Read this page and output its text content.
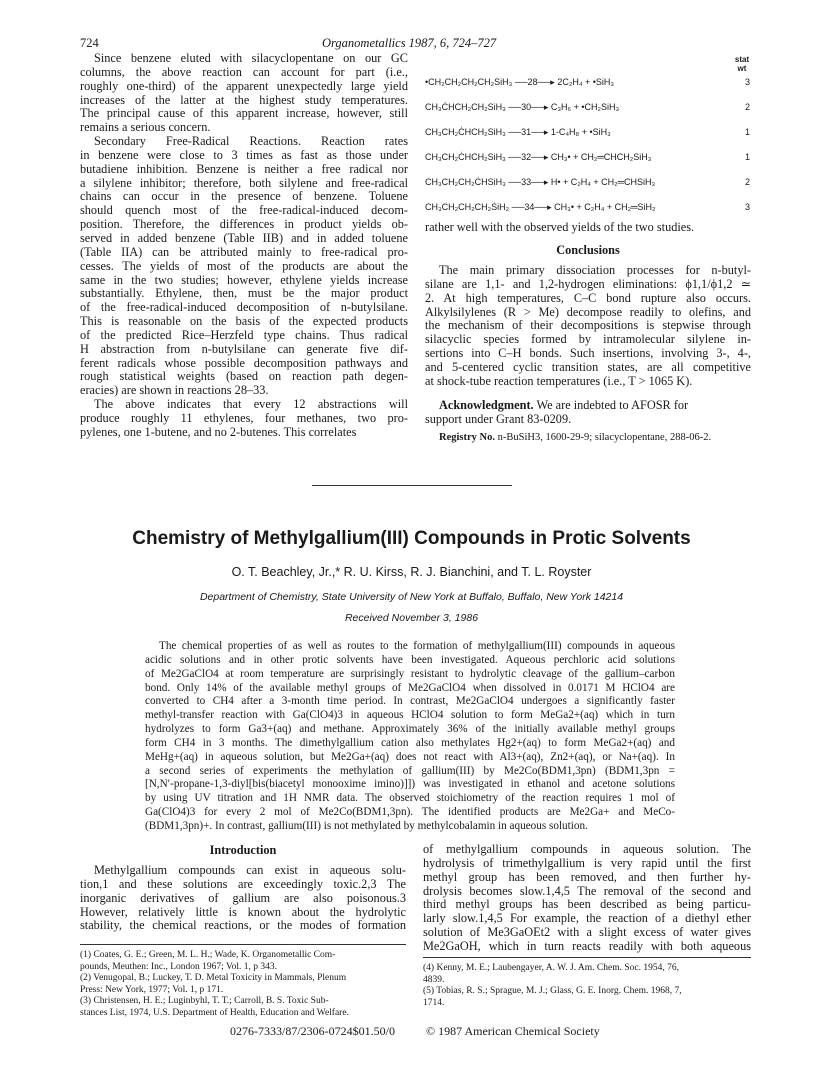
724	Organometallics 1987, 6, 724–727
Since benzene eluted with silacyclopentane on our GC
columns, the above reaction can account for part (i.e.,
roughly one-third) of the apparent unexpectedly large yield
increases of the latter at the highest study temperatures.
The principal cause of this apparent increase, however, still
remains a serious concern.
Secondary Free-Radical Reactions. Reaction rates
in benzene were close to 3 times as fast as those under
butadiene inhibition. Benzene is neither a free radical nor
a silylene inhibitor; therefore, both silylene and free-radical
chains can occur in the presence of benzene. Toluene
should quench most of the free-radical-induced decom-
position. Therefore, the differences in product yields ob-
served in added benzene (Table IIB) and in added toluene
(Table IIA) can be attributed mainly to free-radical pro-
cesses. The yields of most of the products are about the
same in the two studies; however, ethylene yields increase
substantially. Ethylene, then, must be the major product
of the free-radical-induced decomposition of n-butylsilane.
This is reasonable on the basis of the expected products
of the predicted Rice–Herzfeld type chains. Thus radical
H abstraction from n-butylsilane can generate five dif-
ferent radicals whose possible decomposition pathways and
rough statistical weights (based on reaction path degen-
eracies) are shown in reactions 28–33.
The above indicates that every 12 abstractions will
produce roughly 11 ethylenes, four methanes, two pro-
pylenes, one 1-butene, and no 2-butenes. This correlates
stat wt
•CH₂CH₂CH₂CH₂SiH₃ ──28──▸ 2C₂H₄ + •SiH₃	3
CH₃ĊHCH₂CH₂SiH₃ ──30──▸ C₃H₆ + •CH₂SiH₃	2
CH₃CH₂ĊHCH₂SiH₃ ──31──▸ 1-C₄H₈ + •SiH₃	1
CH₃CH₂ĊHCH₂SiH₃ ──32──▸ CH₃• + CH₂═CHCH₂SiH₃	1
CH₃CH₂CH₂ĊHSiH₃ ──33──▸ H• + C₂H₄ + CH₂═CHSiH₃	2
CH₃CH₂CH₂CH₂ṠiH₂ ──34──▸ CH₃• + C₂H₄ + CH₂═SiH₂	3
rather well with the observed yields of the two studies.
Conclusions
The main primary dissociation processes for n-butyl-
silane are 1,1- and 1,2-hydrogen eliminations: ϕ1,1/ϕ1,2 ≃
2. At high temperatures, C–C bond rupture also occurs.
Alkylsilylenes (R > Me) decompose readily to olefins, and
the mechanism of their decompositions is stepwise through
silacyclic species formed by intramolecular silylene in-
sertions into C–H bonds. Such insertions, involving 3-, 4-,
and 5-centered cyclic transition states, are all competitive
at shock-tube reaction temperatures (i.e., T > 1065 K).
Acknowledgment. We are indebted to AFOSR for
support under Grant 83-0209.
Registry No. n-BuSiH3, 1600-29-9; silacyclopentane, 288-06-2.
Chemistry of Methylgallium(III) Compounds in Protic Solvents
O. T. Beachley, Jr.,* R. U. Kirss, R. J. Bianchini, and T. L. Royster
Department of Chemistry, State University of New York at Buffalo, Buffalo, New York 14214
Received November 3, 1986
The chemical properties of as well as routes to the formation of methylgallium(III) compounds in aqueous
acidic solutions and in other protic solvents have been investigated. Aqueous perchloric acid solutions
of Me2GaClO4 at room temperature are surprisingly resistant to hydrolytic cleavage of the gallium–carbon
bond. Only 14% of the available methyl groups of Me2GaClO4 when dissolved in 0.0171 M HClO4 are
converted to CH4 after a 3-month time period. In contrast, Me2GaClO4 undergoes a significantly faster
methyl-transfer reaction with Ga(ClO4)3 in aqueous HClO4 solution to form MeGa2+(aq) which in turn
hydrolyzes to form Ga3+(aq) and methane. Approximately 36% of the initially available methyl groups
form CH4 in 3 months. The dimethylgallium cation also methylates Hg2+(aq) to form MeGa2+(aq) and
MeHg+(aq) in aqueous solution, but Me2Ga+(aq) does not react with Al3+(aq), Zn2+(aq), or Na+(aq). In
a second series of experiments the methylation of gallium(III) by Me2Co(BDM1,3pn) (BDM1,3pn =
[N,N′-propane-1,3-diyl[bis(biacetyl monooxime imino)]]) was investigated in ethanol and acetone solutions
by using UV titration and 1H NMR data. The observed stoichiometry of the reaction requires 1 mol of
Ga(ClO4)3 for every 2 mol of Me2Co(BDM1,3pn). The identified products are Me2Ga+ and MeCo-
(BDM1,3pn)+. In contrast, gallium(III) is not methylated by methylcobalamin in aqueous solution.
Introduction
Methylgallium compounds can exist in aqueous solu-
tion,1 and these solutions are exceedingly toxic.2,3 The
inorganic derivatives of gallium are also poisonous.3
However, relatively little is known about the hydrolytic
stability, the chemical reactions, or the modes of formation
of methylgallium compounds in aqueous solution. The
hydrolysis of trimethylgallium is very rapid until the first
methyl group has been removed, and then further hy-
drolysis becomes slow.1,4,5 The removal of the second and
third methyl groups has been described as being particu-
larly slow.1,4,5 For example, the reaction of a diethyl ether
solution of Me3GaOEt2 with a slight excess of water gives
Me2GaOH, which in turn reacts readily with both aqueous
(1) Coates, G. E.; Green, M. L. H.; Wade, K. Organometallic Com-
pounds, Meuthen: Inc., London 1967; Vol. 1, p 343.
(2) Venugopal, B.; Luckey, T. D. Metal Toxicity in Mammals, Plenum
Press: New York, 1977; Vol. 1, p 171.
(3) Christensen, H. E.; Luginbyhl, T. T.; Carroll, B. S. Toxic Sub-
stances List, 1974, U.S. Department of Health, Education and Welfare.
(4) Kenny, M. E.; Laubengayer, A. W. J. Am. Chem. Soc. 1954, 76,
4839.
(5) Tobias, R. S.; Sprague, M. J.; Glass, G. E. Inorg. Chem. 1968, 7,
1714.
0276-7333/87/2306-0724$01.50/0	© 1987 American Chemical Society
